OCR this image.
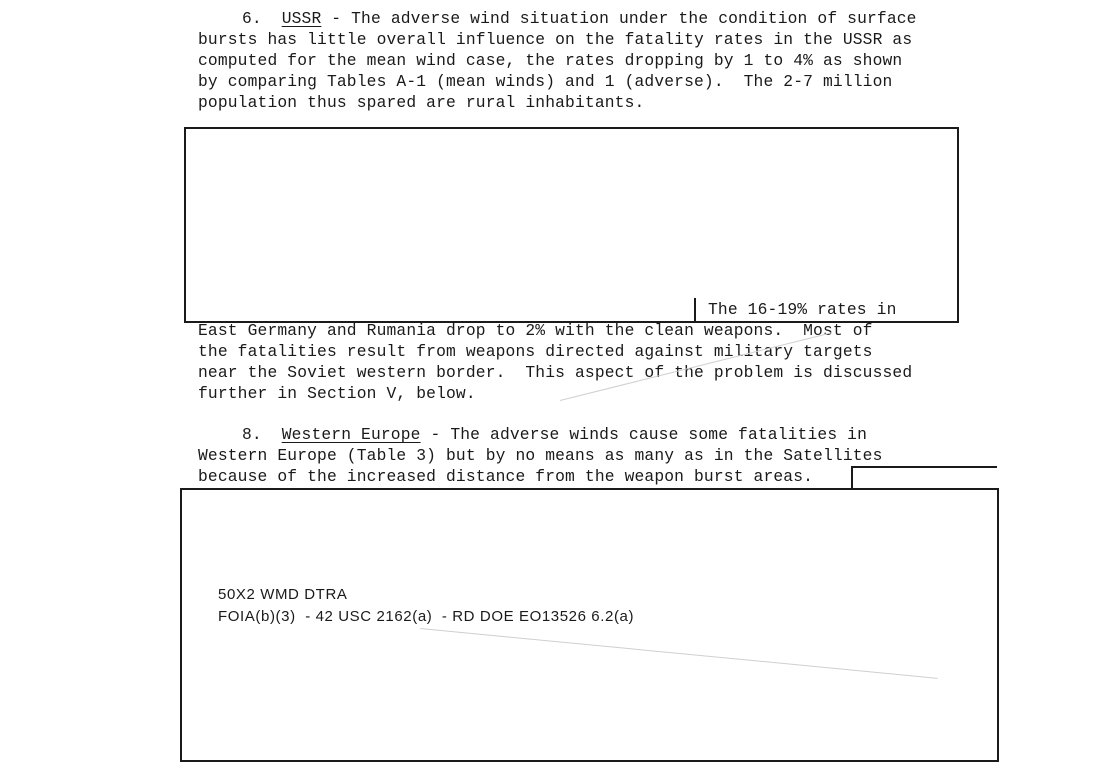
6. USSR - The adverse wind situation under the condition of surface
bursts has little overall influence on the fatality rates in the USSR as
computed for the mean wind case, the rates dropping by 1 to 4% as shown
by comparing Tables A-1 (mean winds) and 1 (adverse).  The 2-7 million
population thus spared are rural inhabitants.
The 16-19% rates in
East Germany and Rumania drop to 2% with the clean weapons.  Most of
the fatalities result from weapons directed against military targets
near the Soviet western border.  This aspect of the problem is discussed
further in Section V, below.
8. Western Europe - The adverse winds cause some fatalities in
Western Europe (Table 3) but by no means as many as in the Satellites
because of the increased distance from the weapon burst areas.
50X2 WMD DTRA
FOIA(b)(3)  - 42 USC 2162(a)  - RD DOE EO13526 6.2(a)
